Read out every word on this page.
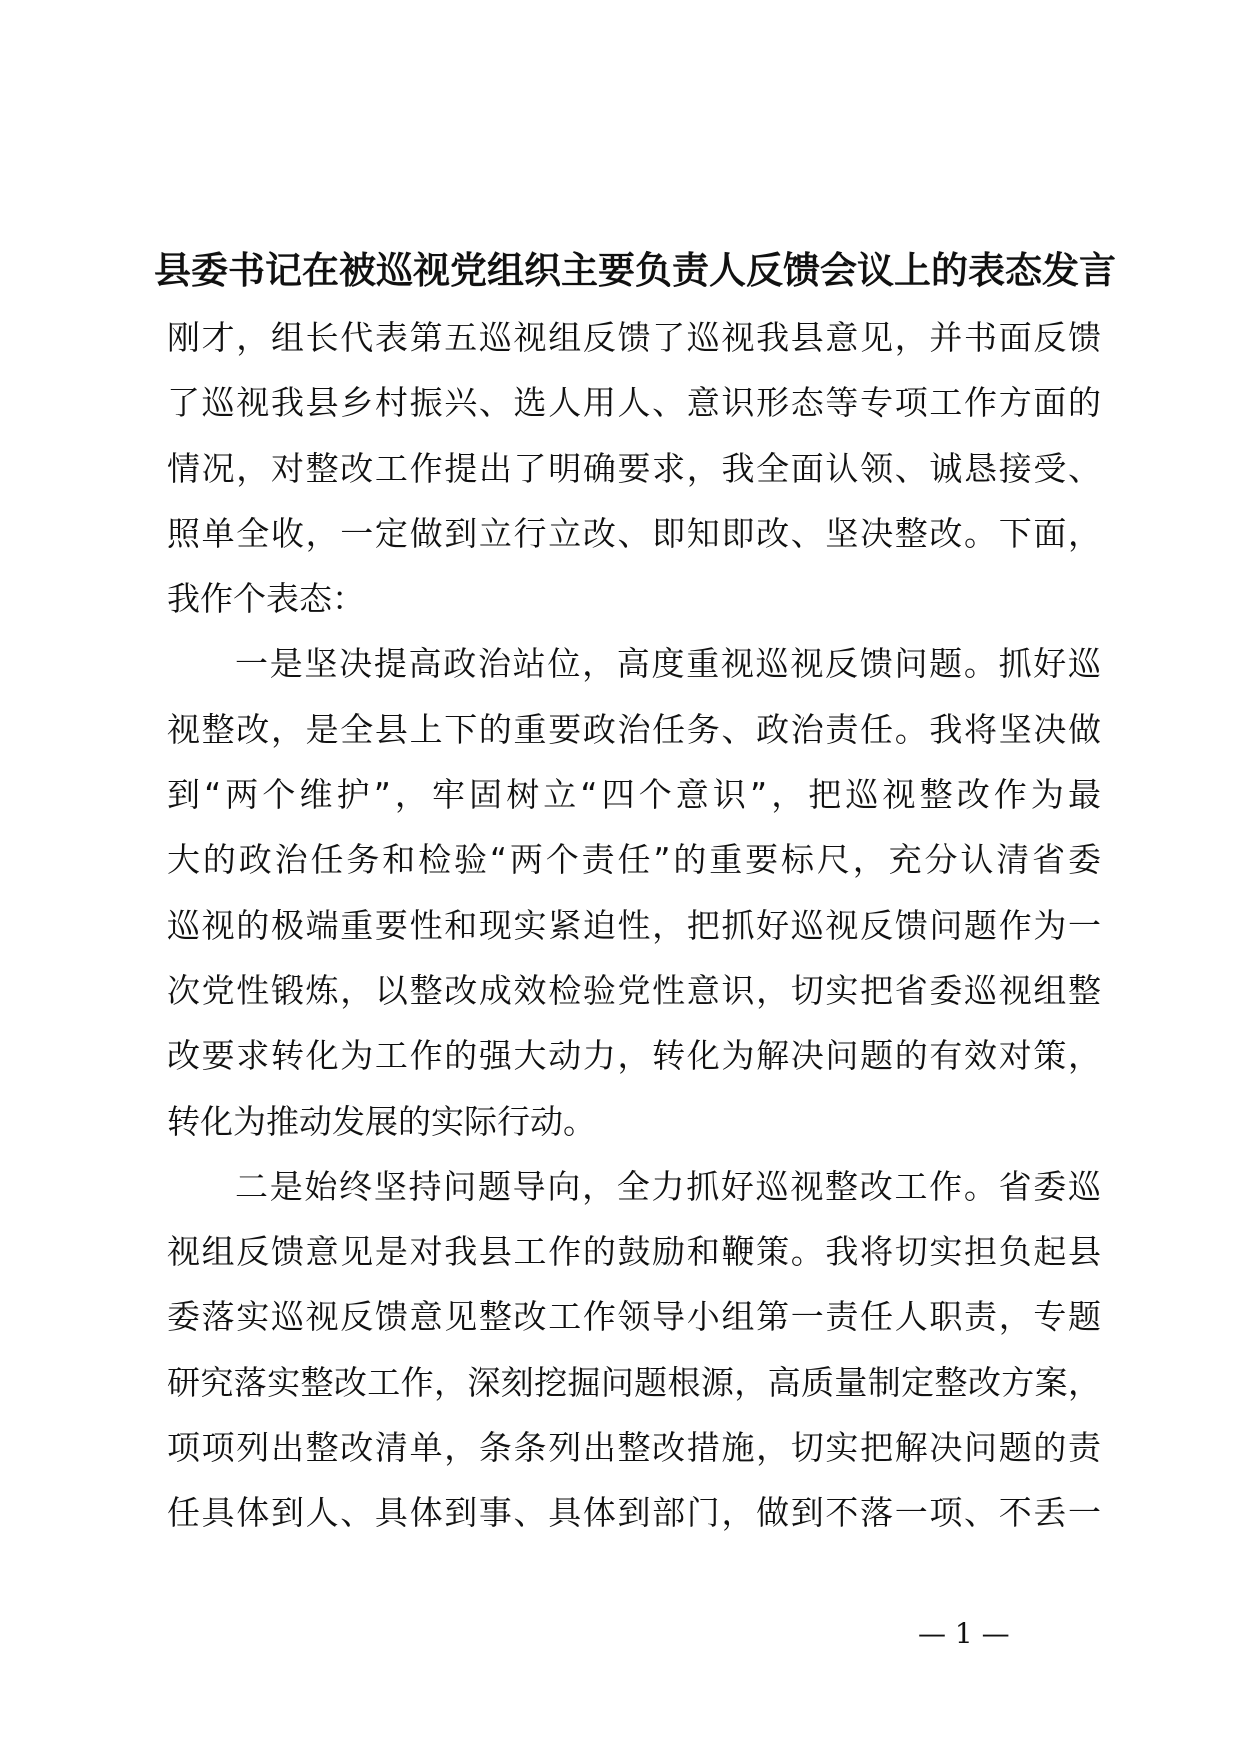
县委书记在被巡视党组织主要负责人反馈会议上的表态发言
刚才，组长代表第五巡视组反馈了巡视我县意见，并书面反馈
了巡视我县乡村振兴、选人用人、意识形态等专项工作方面的
情况，对整改工作提出了明确要求，我全面认领、诚恳接受、
照单全收，一定做到立行立改、即知即改、坚决整改。下面，
我作个表态：
一是坚决提高政治站位，高度重视巡视反馈问题。抓好巡
视整改，是全县上下的重要政治任务、政治责任。我将坚决做
到“两个维护”，牢固树立“四个意识”，把巡视整改作为最
大的政治任务和检验“两个责任”的重要标尺，充分认清省委
巡视的极端重要性和现实紧迫性，把抓好巡视反馈问题作为一
次党性锻炼，以整改成效检验党性意识，切实把省委巡视组整
改要求转化为工作的强大动力，转化为解决问题的有效对策，
转化为推动发展的实际行动。
二是始终坚持问题导向，全力抓好巡视整改工作。省委巡
视组反馈意见是对我县工作的鼓励和鞭策。我将切实担负起县
委落实巡视反馈意见整改工作领导小组第一责任人职责，专题
研究落实整改工作，深刻挖掘问题根源，高质量制定整改方案，
项项列出整改清单，条条列出整改措施，切实把解决问题的责
任具体到人、具体到事、具体到部门，做到不落一项、不丢一
— 1 —
